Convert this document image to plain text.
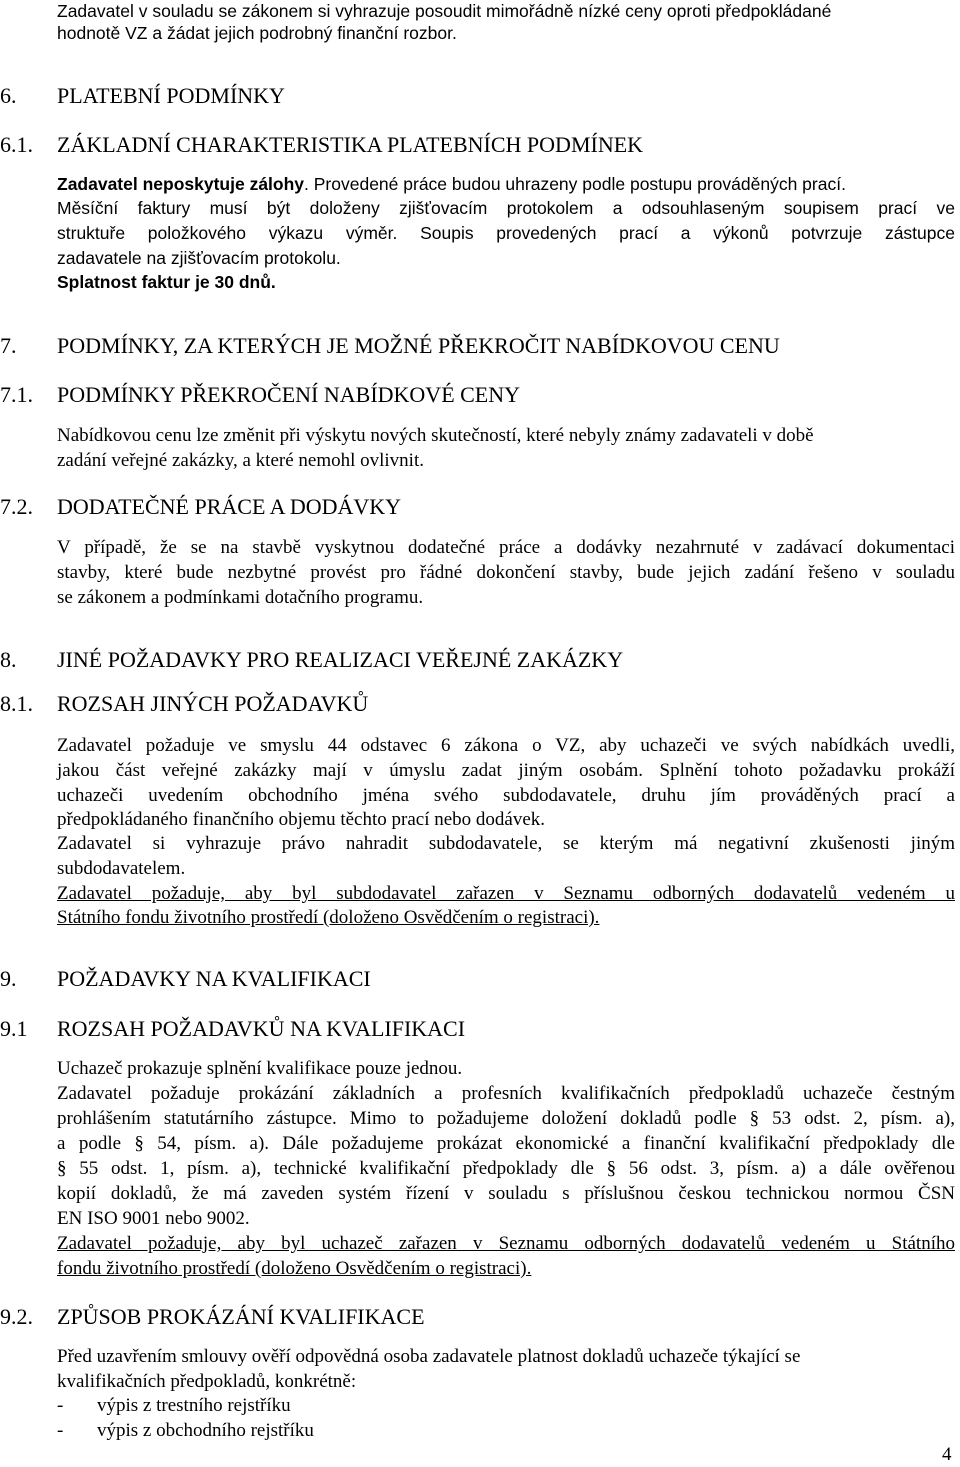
Zadavatel v souladu se zákonem si vyhrazuje posoudit mimořádně nízké ceny oproti předpokládané
hodnotě VZ a žádat jejich podrobný finanční rozbor.
6. PLATEBNÍ PODMÍNKY
6.1. ZÁKLADNÍ CHARAKTERISTIKA PLATEBNÍCH PODMÍNEK
Zadavatel neposkytuje zálohy. Provedené práce budou uhrazeny podle postupu prováděných prací.
Měsíční faktury musí být doloženy zjišťovacím protokolem a odsouhlaseným soupisem prací ve
struktuře položkového výkazu výměr. Soupis provedených prací a výkonů potvrzuje zástupce
zadavatele na zjišťovacím protokolu.
Splatnost faktur je 30 dnů.
7. PODMÍNKY, ZA KTERÝCH JE MOŽNÉ PŘEKROČIT NABÍDKOVOU CENU
7.1. PODMÍNKY PŘEKROČENÍ NABÍDKOVÉ CENY
Nabídkovou cenu lze změnit při výskytu nových skutečností, které nebyly známy zadavateli v době
zadání veřejné zakázky, a které nemohl ovlivnit.
7.2. DODATEČNÉ PRÁCE A DODÁVKY
V případě, že se na stavbě vyskytnou dodatečné práce a dodávky nezahrnuté v zadávací dokumentaci
stavby, které bude nezbytné provést pro řádné dokončení stavby, bude jejich zadání řešeno v souladu
se zákonem a podmínkami dotačního programu.
8. JINÉ POŽADAVKY PRO REALIZACI VEŘEJNÉ ZAKÁZKY
8.1. ROZSAH JINÝCH POŽADAVKŮ
Zadavatel požaduje ve smyslu 44 odstavec 6 zákona o VZ, aby uchazeči ve svých nabídkách uvedli,
jakou část veřejné zakázky mají v úmyslu zadat jiným osobám. Splnění tohoto požadavku prokáží
uchazeči uvedením obchodního jména svého subdodavatele, druhu jím prováděných prací a
předpokládaného finančního objemu těchto prací nebo dodávek.
Zadavatel si vyhrazuje právo nahradit subdodavatele, se kterým má negativní zkušenosti jiným
subdodavatelem.
Zadavatel požaduje, aby byl subdodavatel zařazen v Seznamu odborných dodavatelů vedeném u
Státního fondu životního prostředí (doloženo Osvědčením o registraci).
9. POŽADAVKY NA KVALIFIKACI
9.1 ROZSAH POŽADAVKŮ NA KVALIFIKACI
Uchazeč prokazuje splnění kvalifikace pouze jednou.
Zadavatel požaduje prokázání základních a profesních kvalifikačních předpokladů uchazeče čestným
prohlášením statutárního zástupce. Mimo to požadujeme doložení dokladů podle § 53 odst. 2, písm. a),
a podle § 54, písm. a). Dále požadujeme prokázat ekonomické a finanční kvalifikační předpoklady dle
§ 55 odst. 1, písm. a), technické kvalifikační předpoklady dle § 56 odst. 3, písm. a) a dále ověřenou
kopií dokladů, že má zaveden systém řízení v souladu s příslušnou českou technickou normou ČSN
EN ISO 9001 nebo 9002.
Zadavatel požaduje, aby byl uchazeč zařazen v Seznamu odborných dodavatelů vedeném u Státního
fondu životního prostředí (doloženo Osvědčením o registraci).
9.2. ZPŮSOB PROKÁZÁNÍ KVALIFIKACE
Před uzavřením smlouvy ověří odpovědná osoba zadavatele platnost dokladů uchazeče týkající se
kvalifikačních předpokladů, konkrétně:
- výpis z trestního rejstříku
- výpis z obchodního rejstříku
4
